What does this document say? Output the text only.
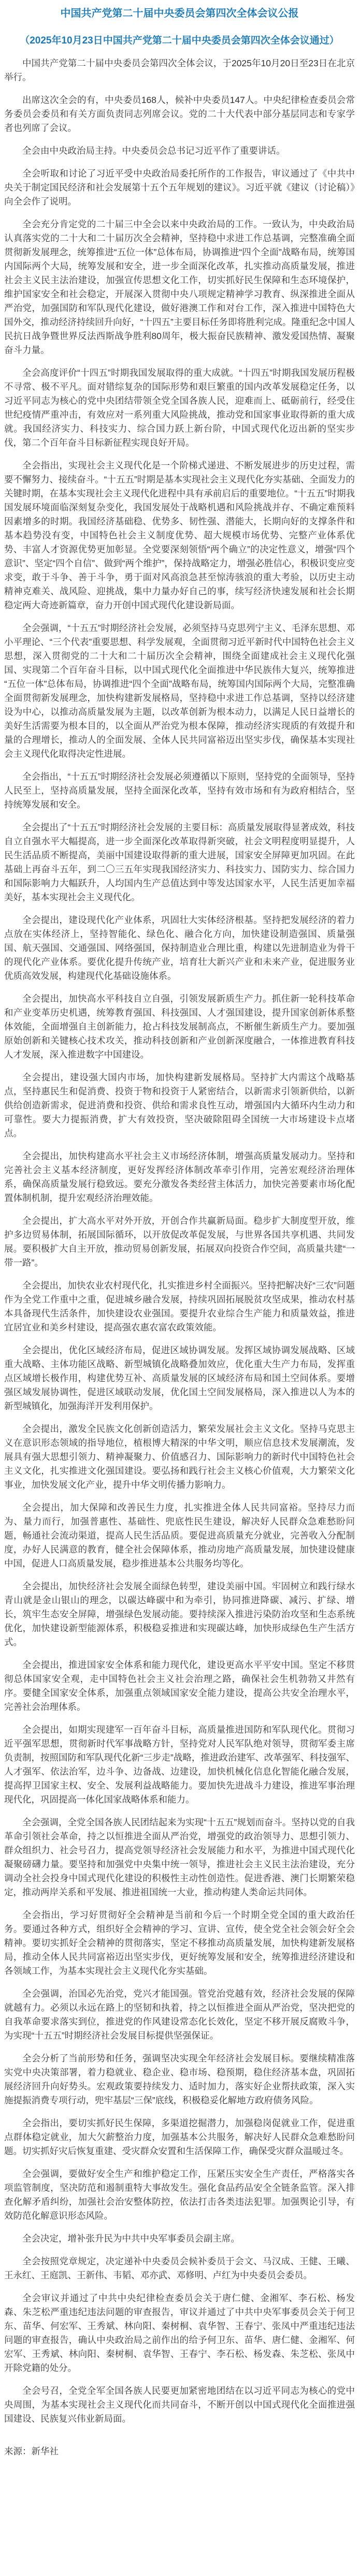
中国共产党第二十届中央委员会第四次全体会议公报
（2025年10月23日中国共产党第二十届中央委员会第四次全体会议通过）

中国共产党第二十届中央委员会第四次全体会议，于2025年10月20日至23日在北京举行。

出席这次全会的有，中央委员168人，候补中央委员147人。中央纪律检查委员会常务委员会委员和有关方面负责同志列席会议。党的二十大代表中部分基层同志和专家学者也列席了会议。

全会由中央政治局主持。中央委员会总书记习近平作了重要讲话。

全会听取和讨论了习近平受中央政治局委托所作的工作报告，审议通过了《中共中央关于制定国民经济和社会发展第十五个五年规划的建议》。习近平就《建议（讨论稿）》向全会作了说明。

全会充分肯定党的二十届三中全会以来中央政治局的工作。一致认为，中央政治局认真落实党的二十大和二十届历次全会精神，坚持稳中求进工作总基调，完整准确全面贯彻新发展理念，统筹推进“五位一体”总体布局，协调推进“四个全面”战略布局，统筹国内国际两个大局，统筹发展和安全，进一步全面深化改革，扎实推动高质量发展，推进社会主义民主法治建设，加强宣传思想文化工作，切实抓好民生保障和生态环境保护，维护国家安全和社会稳定，开展深入贯彻中央八项规定精神学习教育、纵深推进全面从严治党，加强国防和军队现代化建设，做好港澳工作和对台工作，深入推进中国特色大国外交，推动经济持续回升向好，“十四五”主要目标任务即将胜利完成。隆重纪念中国人民抗日战争暨世界反法西斯战争胜利80周年，极大振奋民族精神、激发爱国热情、凝聚奋斗力量。

全会高度评价“十四五”时期我国发展取得的重大成就。“十四五”时期我国发展历程极不寻常、极不平凡。面对错综复杂的国际形势和艰巨繁重的国内改革发展稳定任务，以习近平同志为核心的党中央团结带领全党全国各族人民，迎难而上、砥砺前行，经受住世纪疫情严重冲击，有效应对一系列重大风险挑战，推动党和国家事业取得新的重大成就。我国经济实力、科技实力、综合国力跃上新台阶，中国式现代化迈出新的坚实步伐，第二个百年奋斗目标新征程实现良好开局。

全会指出，实现社会主义现代化是一个阶梯式递进、不断发展进步的历史过程，需要不懈努力、接续奋斗。“十五五”时期是基本实现社会主义现代化夯实基础、全面发力的关键时期，在基本实现社会主义现代化进程中具有承前启后的重要地位。“十五五”时期我国发展环境面临深刻复杂变化，我国发展处于战略机遇和风险挑战并存、不确定难预料因素增多的时期。我国经济基础稳、优势多、韧性强、潜能大，长期向好的支撑条件和基本趋势没有变，中国特色社会主义制度优势、超大规模市场优势、完整产业体系优势、丰富人才资源优势更加彰显。全党要深刻领悟“两个确立”的决定性意义，增强“四个意识”、坚定“四个自信”、做到“两个维护”，保持战略定力，增强必胜信心，积极识变应变求变，敢于斗争、善于斗争，勇于面对风高浪急甚至惊涛骇浪的重大考验，以历史主动精神克难关、战风险、迎挑战，集中力量办好自己的事，续写经济快速发展和社会长期稳定两大奇迹新篇章，奋力开创中国式现代化建设新局面。

全会强调，“十五五”时期经济社会发展，必须坚持马克思列宁主义、毛泽东思想、邓小平理论、“三个代表”重要思想、科学发展观，全面贯彻习近平新时代中国特色社会主义思想，深入贯彻党的二十大和二十届历次全会精神，围绕全面建成社会主义现代化强国、实现第二个百年奋斗目标，以中国式现代化全面推进中华民族伟大复兴，统筹推进“五位一体”总体布局，协调推进“四个全面”战略布局，统筹国内国际两个大局，完整准确全面贯彻新发展理念，加快构建新发展格局，坚持稳中求进工作总基调，坚持以经济建设为中心，以推动高质量发展为主题，以改革创新为根本动力，以满足人民日益增长的美好生活需要为根本目的，以全面从严治党为根本保障，推动经济实现质的有效提升和量的合理增长，推动人的全面发展、全体人民共同富裕迈出坚实步伐，确保基本实现社会主义现代化取得决定性进展。

全会指出，“十五五”时期经济社会发展必须遵循以下原则，坚持党的全面领导，坚持人民至上，坚持高质量发展，坚持全面深化改革，坚持有效市场和有为政府相结合，坚持统筹发展和安全。

全会提出了“十五五”时期经济社会发展的主要目标：高质量发展取得显著成效，科技自立自强水平大幅提高，进一步全面深化改革取得新突破，社会文明程度明显提升，人民生活品质不断提高，美丽中国建设取得新的重大进展，国家安全屏障更加巩固。在此基础上再奋斗五年，到二〇三五年实现我国经济实力、科技实力、国防实力、综合国力和国际影响力大幅跃升，人均国内生产总值达到中等发达国家水平，人民生活更加幸福美好，基本实现社会主义现代化。

全会提出，建设现代化产业体系，巩固壮大实体经济根基。坚持把发展经济的着力点放在实体经济上，坚持智能化、绿色化、融合化方向，加快建设制造强国、质量强国、航天强国、交通强国、网络强国，保持制造业合理比重，构建以先进制造业为骨干的现代化产业体系。要优化提升传统产业，培育壮大新兴产业和未来产业，促进服务业优质高效发展，构建现代化基础设施体系。

全会提出，加快高水平科技自立自强，引领发展新质生产力。抓住新一轮科技革命和产业变革历史机遇，统筹教育强国、科技强国、人才强国建设，提升国家创新体系整体效能，全面增强自主创新能力，抢占科技发展制高点，不断催生新质生产力。要加强原始创新和关键核心技术攻关，推动科技创新和产业创新深度融合，一体推进教育科技人才发展，深入推进数字中国建设。

全会提出，建设强大国内市场，加快构建新发展格局。坚持扩大内需这个战略基点，坚持惠民生和促消费、投资于物和投资于人紧密结合，以新需求引领新供给，以新供给创造新需求，促进消费和投资、供给和需求良性互动，增强国内大循环内生动力和可靠性。要大力提振消费，扩大有效投资，坚决破除阻碍全国统一大市场建设卡点堵点。

全会提出，加快构建高水平社会主义市场经济体制，增强高质量发展动力。坚持和完善社会主义基本经济制度，更好发挥经济体制改革牵引作用，完善宏观经济治理体系，确保高质量发展行稳致远。要充分激发各类经营主体活力，加快完善要素市场化配置体制机制，提升宏观经济治理效能。

全会提出，扩大高水平对外开放，开创合作共赢新局面。稳步扩大制度型开放，维护多边贸易体制，拓展国际循环，以开放促改革促发展，与世界各国共享机遇、共同发展。要积极扩大自主开放，推动贸易创新发展，拓展双向投资合作空间，高质量共建“一带一路”。

全会提出，加快农业农村现代化，扎实推进乡村全面振兴。坚持把解决好“三农”问题作为全党工作重中之重，促进城乡融合发展，持续巩固拓展脱贫攻坚成果，推动农村基本具备现代生活条件，加快建设农业强国。要提升农业综合生产能力和质量效益，推进宜居宜业和美乡村建设，提高强农惠农富农政策效能。

全会提出，优化区域经济布局，促进区域协调发展。发挥区域协调发展战略、区域重大战略、主体功能区战略、新型城镇化战略叠加效应，优化重大生产力布局，发挥重点区域增长极作用，构建优势互补、高质量发展的区域经济布局和国土空间体系。要增强区域发展协调性，促进区域联动发展，优化国土空间发展格局，深入推进以人为本的新型城镇化，加强海洋开发利用保护。

全会提出，激发全民族文化创新创造活力，繁荣发展社会主义文化。坚持马克思主义在意识形态领域的指导地位，植根博大精深的中华文明，顺应信息技术发展潮流，发展具有强大思想引领力、精神凝聚力、价值感召力、国际影响力的新时代中国特色社会主义文化，扎实推进文化强国建设。要弘扬和践行社会主义核心价值观，大力繁荣文化事业，加快发展文化产业，提升中华文明传播力影响力。

全会提出，加大保障和改善民生力度，扎实推进全体人民共同富裕。坚持尽力而为、量力而行，加强普惠性、基础性、兜底性民生建设，解决好人民群众急难愁盼问题，畅通社会流动渠道，提高人民生活品质。要促进高质量充分就业，完善收入分配制度，办好人民满意的教育，健全社会保障体系，推动房地产高质量发展，加快建设健康中国，促进人口高质量发展，稳步推进基本公共服务均等化。

全会提出，加快经济社会发展全面绿色转型，建设美丽中国。牢固树立和践行绿水青山就是金山银山的理念，以碳达峰碳中和为牵引，协同推进降碳、减污、扩绿、增长，筑牢生态安全屏障，增强绿色发展动能。要持续深入推进污染防治攻坚和生态系统优化，加快建设新型能源体系，积极稳妥推进和实现碳达峰，加快形成绿色生产生活方式。

全会提出，推进国家安全体系和能力现代化，建设更高水平平安中国。坚定不移贯彻总体国家安全观，走中国特色社会主义社会治理之路，确保社会生机勃勃又井然有序。要健全国家安全体系，加强重点领域国家安全能力建设，提高公共安全治理水平，完善社会治理体系。

全会提出，如期实现建军一百年奋斗目标，高质量推进国防和军队现代化。贯彻习近平强军思想，贯彻新时代军事战略方针，坚持党对人民军队绝对领导，贯彻军委主席负责制，按照国防和军队现代化新“三步走”战略，推进政治建军、改革强军、科技强军、人才强军、依法治军，边斗争、边备战、边建设，加快机械化信息化智能化融合发展，提高捍卫国家主权、安全、发展利益战略能力。要加快先进战斗力建设，推进军事治理现代化，巩固提高一体化国家战略体系和能力。

全会强调，全党全国各族人民团结起来为实现“十五五”规划而奋斗。坚持以党的自我革命引领社会革命，持之以恒推进全面从严治党，增强党的政治领导力、思想引领力、群众组织力、社会号召力，提高党领导经济社会发展能力和水平，为推进中国式现代化凝聚磅礴力量。要坚持和加强党中央集中统一领导，推进社会主义民主法治建设，充分调动全社会投身中国式现代化建设的积极性主动性创造性。促进香港、澳门长期繁荣稳定，推动两岸关系和平发展、推进祖国统一大业，推动构建人类命运共同体。

全会指出，学习好贯彻好全会精神是当前和今后一个时期全党全国的重大政治任务。要通过各种方式，组织好全会精神的学习、宣讲、宣传，使全党全社会领会好全会精神。要切实抓好全会精神的贯彻落实，坚定不移推动高质量发展，加快构建新发展格局，推动全体人民共同富裕迈出坚实步伐，更好统筹发展和安全，统筹推进经济建设和各领域工作，为基本实现社会主义现代化夯实基础。

全会强调，治国必先治党，党兴才能国强。管党治党越有效，经济社会发展的保障就越有力。必须以永远在路上的坚韧和执着，持之以恒推进全面从严治党，坚决把党的自我革命要求落实到位，推进党的作风建设常态化长效化，坚定不移开展反腐败斗争，为实现“十五五”时期经济社会发展目标提供坚强保证。

全会分析了当前形势和任务，强调坚决实现全年经济社会发展目标。要继续精准落实党中央决策部署，着力稳就业、稳企业、稳市场、稳预期，稳住经济基本盘，巩固拓展经济回升向好势头。宏观政策要持续发力、适时加力，落实好企业帮扶政策，深入实施提振消费专项行动，兜牢基层“三保”底线，积极稳妥化解地方政府债务风险。

全会指出，要切实抓好民生保障，多渠道挖掘潜力，加强稳岗促就业工作，促进重点群体稳定就业，加大欠薪整治力度，加强基本公共服务，解决好人民群众急难愁盼问题。切实抓好灾后恢复重建、受灾群众安置和生活保障工作，确保受灾群众温暖过冬。

全会强调，要做好安全生产和维护稳定工作，压紧压实安全生产责任，严格落实各项监管制度，坚决防范和遏制重特大事故发生。强化食品药品安全全链条监管。深入排查化解矛盾纠纷，加强社会治安整体防控，依法打击各类违法犯罪。加强舆论引导，有效防范化解意识形态风险。

全会决定，增补张升民为中共中央军事委员会副主席。

全会按照党章规定，决定递补中央委员会候补委员于会文、马汉成、王健、王曦、王永红、王庭凯、王新伟、韦韬、邓亦武、邓修明、卢红为中央委员会委员。

全会审议并通过了中共中央纪律检查委员会关于唐仁健、金湘军、李石松、杨发森、朱芝松严重违纪违法问题的审查报告，审议并通过了中共中央军事委员会关于何卫东、苗华、何宏军、王秀斌、林向阳、秦树桐、袁华智、王春宁、张凤中严重违纪违法问题的审查报告，确认中央政治局之前作出的给予何卫东、苗华、唐仁健、金湘军、何宏军、王秀斌、林向阳、秦树桐、袁华智、王春宁、李石松、杨发森、朱芝松、张凤中开除党籍的处分。

全会号召，全党全军全国各族人民要更加紧密地团结在以习近平同志为核心的党中央周围，为基本实现社会主义现代化而共同奋斗，不断开创以中国式现代化全面推进强国建设、民族复兴伟业新局面。

来源：新华社
